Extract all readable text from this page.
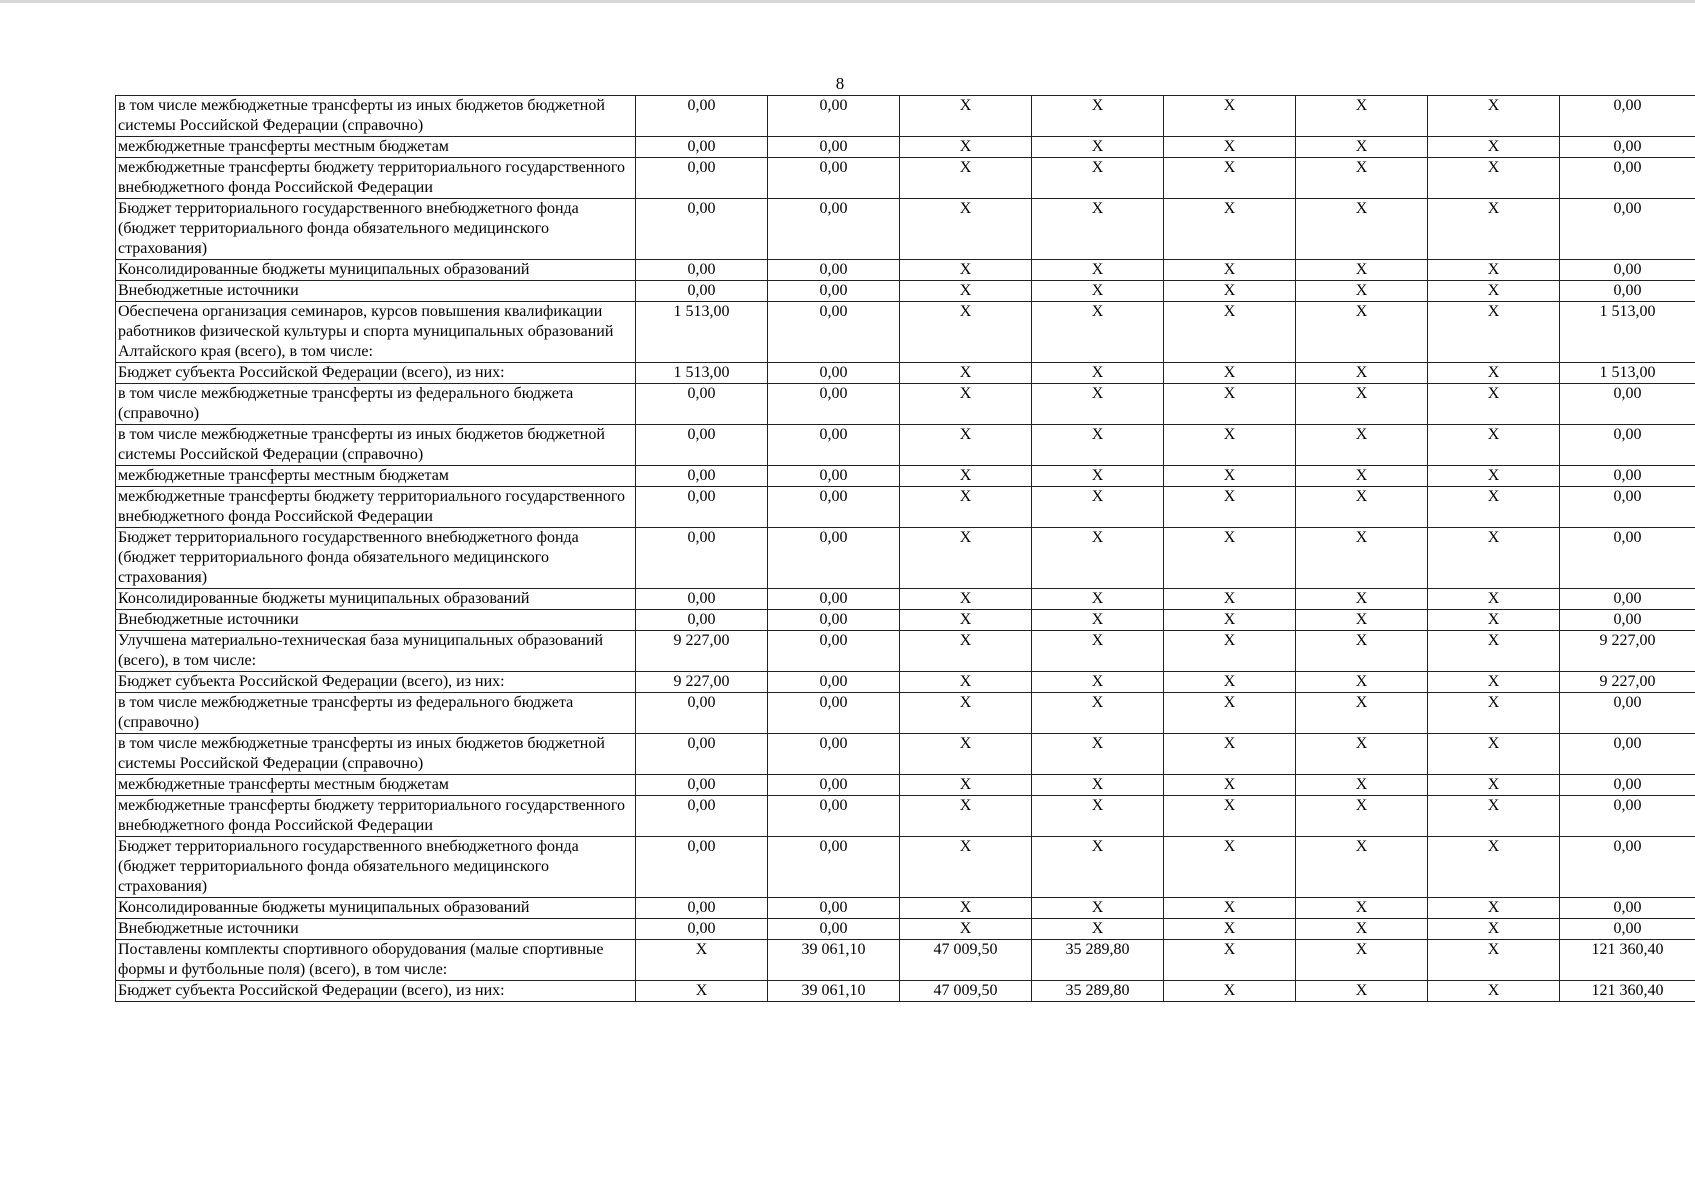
8
в том числе межбюджетные трансферты из иных бюджетов бюджетной системы Российской Федерации (справочно)	0,00	0,00	X	X	X	X	X	0,00
межбюджетные трансферты местным бюджетам	0,00	0,00	X	X	X	X	X	0,00
межбюджетные трансферты бюджету территориального государственного внебюджетного фонда Российской Федерации	0,00	0,00	X	X	X	X	X	0,00
Бюджет территориального государственного внебюджетного фонда (бюджет территориального фонда обязательного медицинского страхования)	0,00	0,00	X	X	X	X	X	0,00
Консолидированные бюджеты муниципальных образований	0,00	0,00	X	X	X	X	X	0,00
Внебюджетные источники	0,00	0,00	X	X	X	X	X	0,00
Обеспечена организация семинаров, курсов повышения квалификации работников физической культуры и спорта муниципальных образований Алтайского края (всего), в том числе:	1 513,00	0,00	X	X	X	X	X	1 513,00
Бюджет субъекта Российской Федерации (всего), из них:	1 513,00	0,00	X	X	X	X	X	1 513,00
в том числе межбюджетные трансферты из федерального бюджета (справочно)	0,00	0,00	X	X	X	X	X	0,00
в том числе межбюджетные трансферты из иных бюджетов бюджетной системы Российской Федерации (справочно)	0,00	0,00	X	X	X	X	X	0,00
межбюджетные трансферты местным бюджетам	0,00	0,00	X	X	X	X	X	0,00
межбюджетные трансферты бюджету территориального государственного внебюджетного фонда Российской Федерации	0,00	0,00	X	X	X	X	X	0,00
Бюджет территориального государственного внебюджетного фонда (бюджет территориального фонда обязательного медицинского страхования)	0,00	0,00	X	X	X	X	X	0,00
Консолидированные бюджеты муниципальных образований	0,00	0,00	X	X	X	X	X	0,00
Внебюджетные источники	0,00	0,00	X	X	X	X	X	0,00
Улучшена материально-техническая база муниципальных образований (всего), в том числе:	9 227,00	0,00	X	X	X	X	X	9 227,00
Бюджет субъекта Российской Федерации (всего), из них:	9 227,00	0,00	X	X	X	X	X	9 227,00
в том числе межбюджетные трансферты из федерального бюджета (справочно)	0,00	0,00	X	X	X	X	X	0,00
в том числе межбюджетные трансферты из иных бюджетов бюджетной системы Российской Федерации (справочно)	0,00	0,00	X	X	X	X	X	0,00
межбюджетные трансферты местным бюджетам	0,00	0,00	X	X	X	X	X	0,00
межбюджетные трансферты бюджету территориального государственного внебюджетного фонда Российской Федерации	0,00	0,00	X	X	X	X	X	0,00
Бюджет территориального государственного внебюджетного фонда (бюджет территориального фонда обязательного медицинского страхования)	0,00	0,00	X	X	X	X	X	0,00
Консолидированные бюджеты муниципальных образований	0,00	0,00	X	X	X	X	X	0,00
Внебюджетные источники	0,00	0,00	X	X	X	X	X	0,00
Поставлены комплекты спортивного оборудования (малые спортивные формы и футбольные поля) (всего), в том числе:	X	39 061,10	47 009,50	35 289,80	X	X	X	121 360,40
Бюджет субъекта Российской Федерации (всего), из них:	X	39 061,10	47 009,50	35 289,80	X	X	X	121 360,40
